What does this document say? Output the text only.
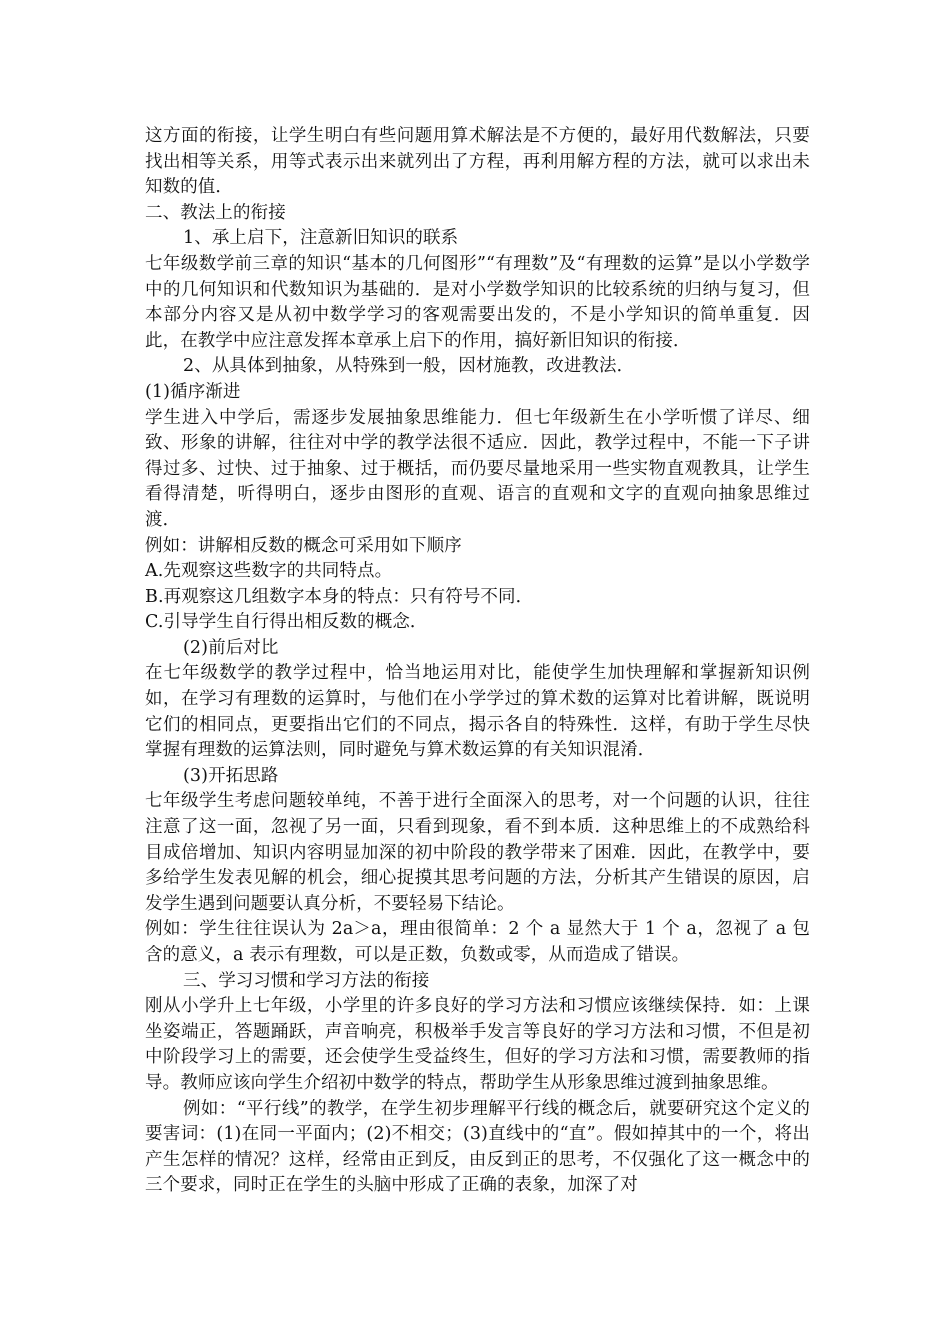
这方面的衔接，让学生明白有些问题用算术解法是不方便的，最好用代数解法，只要找出相等关系，用等式表示出来就列出了方程，再利用解方程的方法，就可以求出未知数的值．

二、教法上的衔接

1、承上启下，注意新旧知识的联系

七年级数学前三章的知识“基本的几何图形”“有理数”及“有理数的运算”是以小学数学中的几何知识和代数知识为基础的．是对小学数学知识的比较系统的归纳与复习，但本部分内容又是从初中数学学习的客观需要出发的，不是小学知识的简单重复．因此，在教学中应注意发挥本章承上启下的作用，搞好新旧知识的衔接．

2、从具体到抽象，从特殊到一般，因材施教，改进教法．

(1)循序渐进

学生进入中学后，需逐步发展抽象思维能力．但七年级新生在小学听惯了详尽、细致、形象的讲解，往往对中学的教学法很不适应．因此，教学过程中，不能一下子讲得过多、过快、过于抽象、过于概括，而仍要尽量地采用一些实物直观教具，让学生看得清楚，听得明白，逐步由图形的直观、语言的直观和文字的直观向抽象思维过渡．

例如：讲解相反数的概念可采用如下顺序

A.先观察这些数字的共同特点。

B.再观察这几组数字本身的特点：只有符号不同．

C.引导学生自行得出相反数的概念．

(2)前后对比

在七年级数学的教学过程中，恰当地运用对比，能使学生加快理解和掌握新知识例如，在学习有理数的运算时，与他们在小学学过的算术数的运算对比着讲解，既说明它们的相同点，更要指出它们的不同点，揭示各自的特殊性．这样，有助于学生尽快掌握有理数的运算法则，同时避免与算术数运算的有关知识混淆．

(3)开拓思路

七年级学生考虑问题较单纯，不善于进行全面深入的思考，对一个问题的认识，往往注意了这一面，忽视了另一面，只看到现象，看不到本质．这种思维上的不成熟给科目成倍增加、知识内容明显加深的初中阶段的教学带来了困难．因此，在教学中，要多给学生发表见解的机会，细心捉摸其思考问题的方法，分析其产生错误的原因，启发学生遇到问题要认真分析，不要轻易下结论。

例如：学生往往误认为 2a＞a，理由很简单：2 个 a 显然大于 1 个 a，忽视了 a 包含的意义，a 表示有理数，可以是正数，负数或零，从而造成了错误。

三、学习习惯和学习方法的衔接

刚从小学升上七年级，小学里的许多良好的学习方法和习惯应该继续保持．如：上课坐姿端正，答题踊跃，声音响亮，积极举手发言等良好的学习方法和习惯，不但是初中阶段学习上的需要，还会使学生受益终生，但好的学习方法和习惯，需要教师的指导。教师应该向学生介绍初中数学的特点，帮助学生从形象思维过渡到抽象思维。

例如：“平行线”的教学，在学生初步理解平行线的概念后，就要研究这个定义的要害词：(1)在同一平面内；(2)不相交；(3)直线中的“直”。假如掉其中的一个，将出产生怎样的情况？这样，经常由正到反，由反到正的思考，不仅强化了这一概念中的三个要求，同时正在学生的头脑中形成了正确的表象，加深了对
